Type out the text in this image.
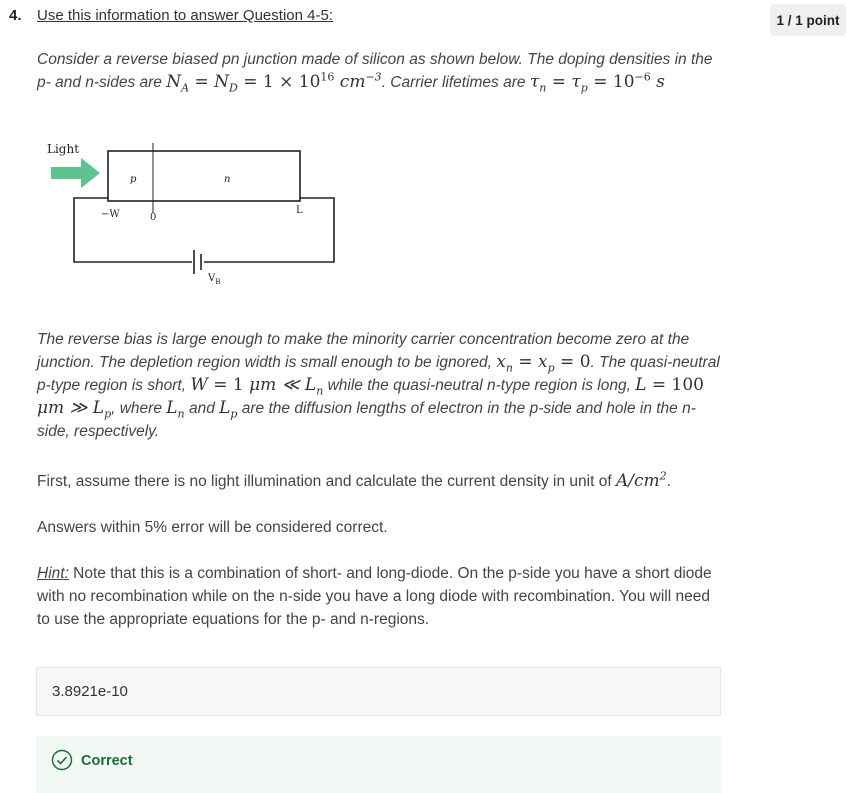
4. Use this information to answer Question 4-5:	1 / 1 point
Consider a reverse biased pn junction made of silicon as shown below. The doping densities in the p- and n-sides are $N_A = N_D = 1 \times 10^{16}$ $cm^{-3}$. Carrier lifetimes are $\tau_n = \tau_p = 10^{-6}$ s
Light
p	n
−W	0
L
$V_B$
The reverse bias is large enough to make the minority carrier concentration become zero at the junction. The depletion region width is small enough to be ignored, $x_n = x_p = 0$. The quasi-neutral p-type region is short, W = 1 μm ≪ $L_n$ while the quasi-neutral n-type region is long, L = 100 μm ≫ $L_p$, where $L_n$ and $L_p$ are the diffusion lengths of electron in the p-side and hole in the n-side, respectively.
First, assume there is no light illumination and calculate the current density in unit of $A/cm^2$.
Answers within 5% error will be considered correct.
Hint: Note that this is a combination of short- and long-diode. On the p-side you have a short diode with no recombination while on the n-side you have a long diode with recombination. You will need to use the appropriate equations for the p- and n-regions.
3.8921e-10
Correct
